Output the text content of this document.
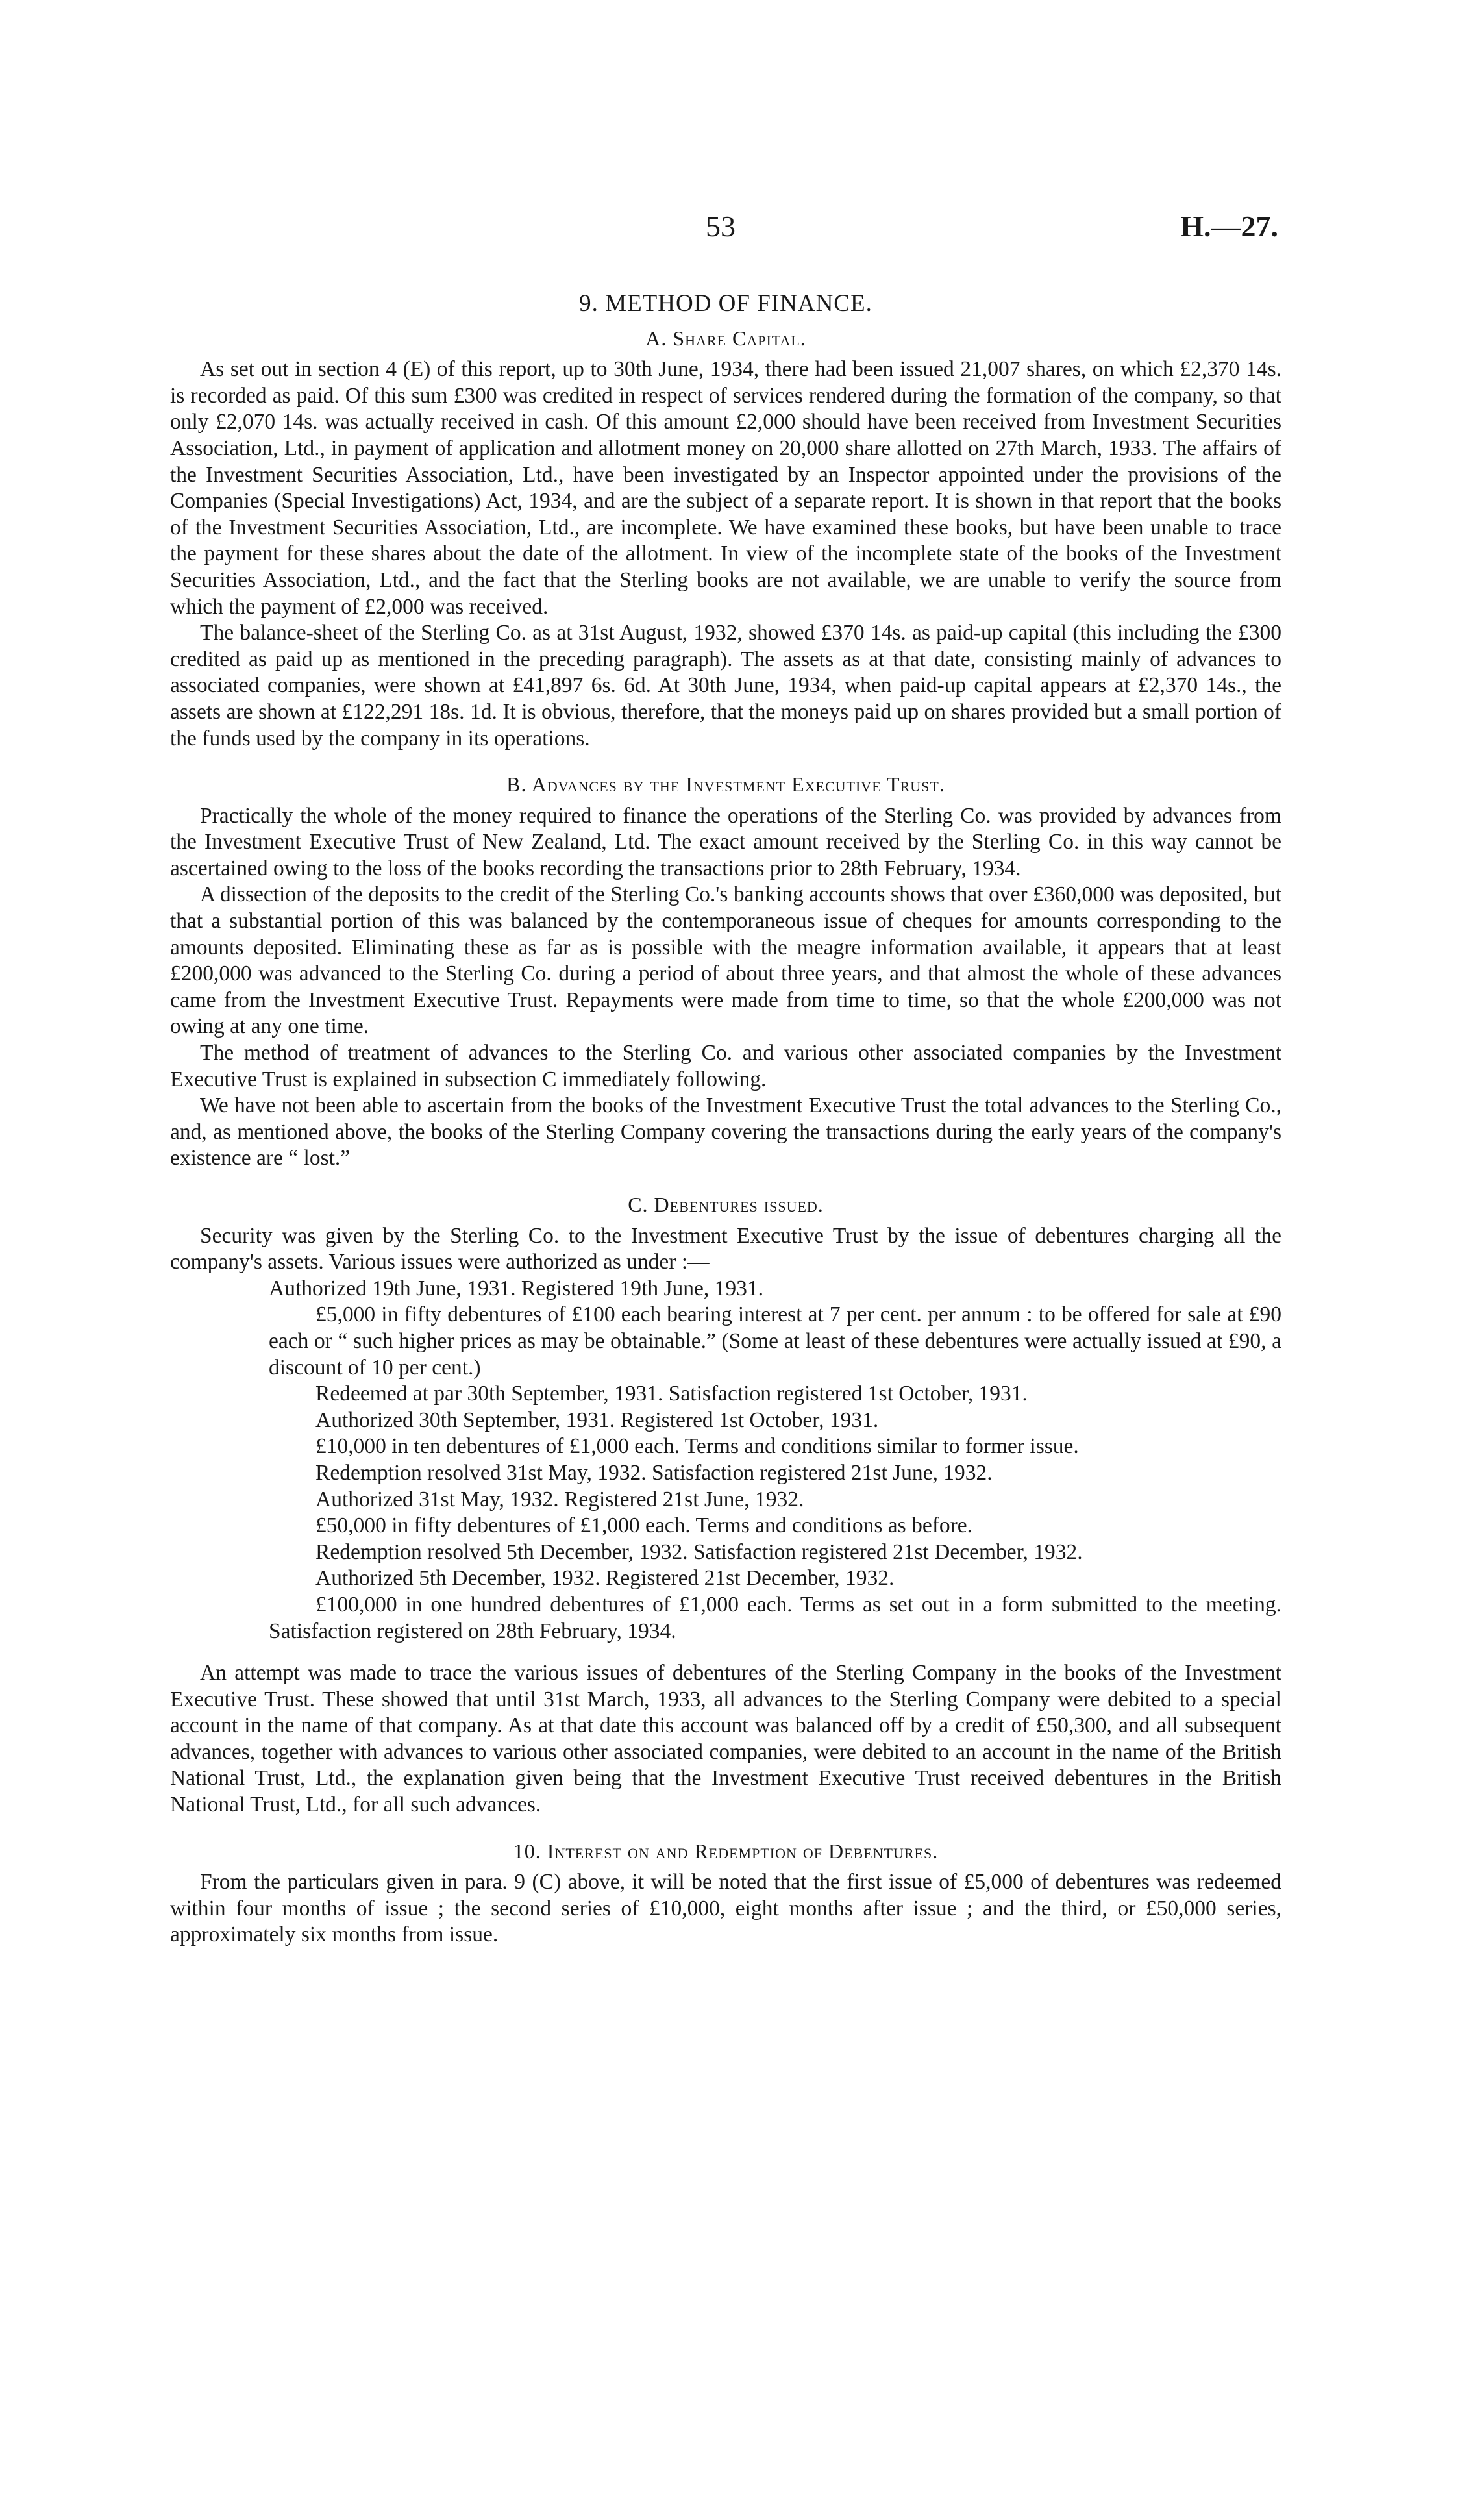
53	H.—27.
9. METHOD OF FINANCE.
A. Share Capital.

As set out in section 4 (E) of this report, up to 30th June, 1934, there had been issued 21,007 shares, on which £2,370 14s. is recorded as paid. Of this sum £300 was credited in respect of services rendered during the formation of the company, so that only £2,070 14s. was actually received in cash. Of this amount £2,000 should have been received from Investment Securities Association, Ltd., in payment of application and allotment money on 20,000 share allotted on 27th March, 1933. The affairs of the Investment Securities Association, Ltd., have been investigated by an Inspector appointed under the provisions of the Companies (Special Investigations) Act, 1934, and are the subject of a separate report. It is shown in that report that the books of the Investment Securities Association, Ltd., are incomplete. We have examined these books, but have been unable to trace the payment for these shares about the date of the allotment. In view of the incomplete state of the books of the Investment Securities Association, Ltd., and the fact that the Sterling books are not available, we are unable to verify the source from which the payment of £2,000 was received.

The balance-sheet of the Sterling Co. as at 31st August, 1932, showed £370 14s. as paid-up capital (this including the £300 credited as paid up as mentioned in the preceding paragraph). The assets as at that date, consisting mainly of advances to associated companies, were shown at £41,897 6s. 6d. At 30th June, 1934, when paid-up capital appears at £2,370 14s., the assets are shown at £122,291 18s. 1d. It is obvious, therefore, that the moneys paid up on shares provided but a small portion of the funds used by the company in its operations.

B. Advances by the Investment Executive Trust.

Practically the whole of the money required to finance the operations of the Sterling Co. was provided by advances from the Investment Executive Trust of New Zealand, Ltd. The exact amount received by the Sterling Co. in this way cannot be ascertained owing to the loss of the books recording the transactions prior to 28th February, 1934.

A dissection of the deposits to the credit of the Sterling Co.'s banking accounts shows that over £360,000 was deposited, but that a substantial portion of this was balanced by the contemporaneous issue of cheques for amounts corresponding to the amounts deposited. Eliminating these as far as is possible with the meagre information available, it appears that at least £200,000 was advanced to the Sterling Co. during a period of about three years, and that almost the whole of these advances came from the Investment Executive Trust. Repayments were made from time to time, so that the whole £200,000 was not owing at any one time.

The method of treatment of advances to the Sterling Co. and various other associated companies by the Investment Executive Trust is explained in subsection C immediately following.

We have not been able to ascertain from the books of the Investment Executive Trust the total advances to the Sterling Co., and, as mentioned above, the books of the Sterling Company covering the transactions during the early years of the company's existence are “ lost.”

C. Debentures issued.

Security was given by the Sterling Co. to the Investment Executive Trust by the issue of debentures charging all the company's assets. Various issues were authorized as under :—

Authorized 19th June, 1931. Registered 19th June, 1931.

£5,000 in fifty debentures of £100 each bearing interest at 7 per cent. per annum : to be offered for sale at £90 each or “ such higher prices as may be obtainable.” (Some at least of these debentures were actually issued at £90, a discount of 10 per cent.)

Redeemed at par 30th September, 1931. Satisfaction registered 1st October, 1931.

Authorized 30th September, 1931. Registered 1st October, 1931.

£10,000 in ten debentures of £1,000 each. Terms and conditions similar to former issue.

Redemption resolved 31st May, 1932. Satisfaction registered 21st June, 1932.

Authorized 31st May, 1932. Registered 21st June, 1932.

£50,000 in fifty debentures of £1,000 each. Terms and conditions as before.

Redemption resolved 5th December, 1932. Satisfaction registered 21st December, 1932.

Authorized 5th December, 1932. Registered 21st December, 1932.

£100,000 in one hundred debentures of £1,000 each. Terms as set out in a form submitted to the meeting. Satisfaction registered on 28th February, 1934.

An attempt was made to trace the various issues of debentures of the Sterling Company in the books of the Investment Executive Trust. These showed that until 31st March, 1933, all advances to the Sterling Company were debited to a special account in the name of that company. As at that date this account was balanced off by a credit of £50,300, and all subsequent advances, together with advances to various other associated companies, were debited to an account in the name of the British National Trust, Ltd., the explanation given being that the Investment Executive Trust received debentures in the British National Trust, Ltd., for all such advances.

10. Interest on and Redemption of Debentures.

From the particulars given in para. 9 (C) above, it will be noted that the first issue of £5,000 of debentures was redeemed within four months of issue ; the second series of £10,000, eight months after issue ; and the third, or £50,000 series, approximately six months from issue.
